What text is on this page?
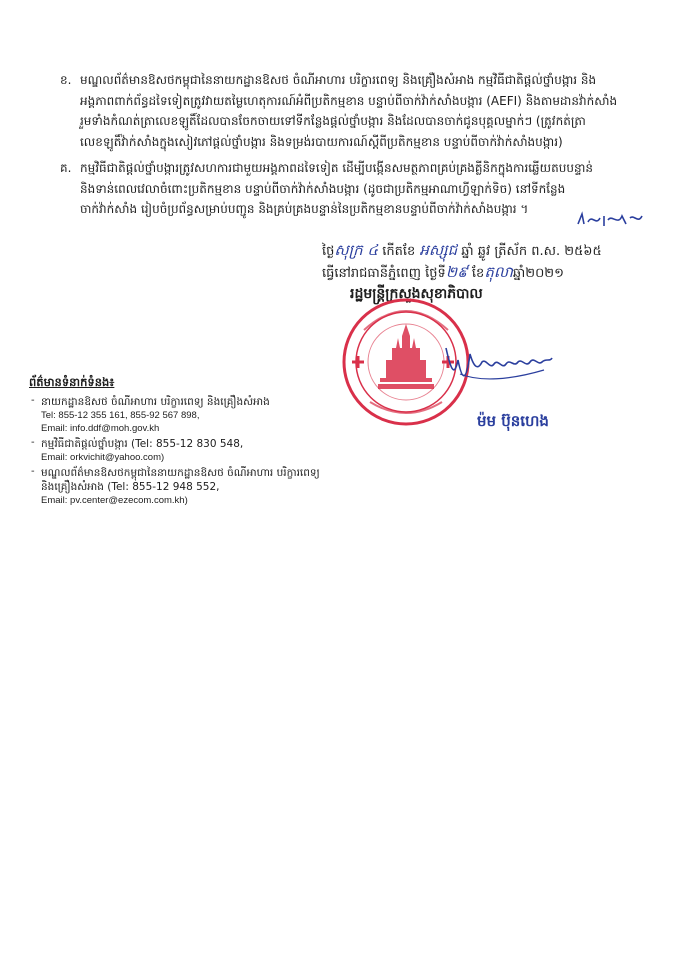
ខ. មណ្ឌលព័ត៌មានឱសថកម្ពុជានៃនាយកដ្ឋានឱសថ ចំណីអាហារ បរិក្ខារពេទ្យ និងគ្រឿងសំអាង កម្មវិធីជាតិផ្តល់ថ្នាំបង្ការ និង
អង្គភាពពាក់ព័ន្ធដទៃទៀតត្រូវវាយតម្លៃហេតុការណ៍អំពីប្រតិកម្មខាន បន្ទាប់ពីចាក់វ៉ាក់សាំងបង្ការ (AEFI) និងតាមដានវ៉ាក់សាំង
រួមទាំងកំណត់ត្រាលេខឡូតិ៍ដែលបានចែកចាយទៅទីកន្លែងផ្តល់ថ្នាំបង្ការ និងដែលបានចាក់ជូនបុគ្គលម្នាក់ៗ (ត្រូវកត់ត្រា
លេខឡូតិ៍វ៉ាក់សាំងក្នុងសៀវភៅផ្តល់ថ្នាំបង្ការ និងទម្រង់របាយការណ៍ស្តីពីប្រតិកម្មខាន បន្ទាប់ពីចាក់វ៉ាក់សាំងបង្ការ)
គ. កម្មវិធីជាតិផ្តល់ថ្នាំបង្ការត្រូវសហការជាមួយអង្គភាពដទៃទៀត ដើម្បីបង្កើនសមត្ថភាពគ្រប់គ្រងគ្លីនិកក្នុងការឆ្លើយតបបន្ទាន់
និងទាន់ពេលវេលាចំពោះប្រតិកម្មខាន បន្ទាប់ពីចាក់វ៉ាក់សាំងបង្ការ (ដូចជាប្រតិកម្មអាណាហ្វីឡាក់ទិច) នៅទីកន្លែង
ចាក់វ៉ាក់សាំង រៀបចំប្រព័ន្ធសម្រាប់បញ្ជូន និងគ្រប់គ្រងបន្ទាន់នៃប្រតិកម្មខានបន្ទាប់ពីចាក់វ៉ាក់សាំងបង្ការ ។
ថ្ងៃសុក្រ ៤ កើតខែ អស្សុជ ឆ្នាំ ឆ្លូវ ត្រីស័ក ព.ស. ២៥៦៥
ធ្វើនៅរាជធានីភ្នំពេញ ថ្ងៃទី២៩ ខែតុលាឆ្នាំ២០២១
រដ្ឋមន្ត្រីក្រសួងសុខាភិបាល
ម៉ម ប៊ុនហេង
ព័ត៌មានទំនាក់ទំនង៖
- នាយកដ្ឋានឱសថ ចំណីអាហារ បរិក្ខារពេទ្យ និងគ្រឿងសំអាង
Tel: 855-12 355 161, 855-92 567 898,
Email: info.ddf@moh.gov.kh
- កម្មវិធីជាតិផ្តល់ថ្នាំបង្ការ (Tel: 855-12 830 548,
Email: orkvichit@yahoo.com)
- មណ្ឌលព័ត៌មានឱសថកម្ពុជានៃនាយកដ្ឋានឱសថ ចំណីអាហារ បរិក្ខារពេទ្យ
និងគ្រឿងសំអាង (Tel: 855-12 948 552,
Email: pv.center@ezecom.com.kh)
